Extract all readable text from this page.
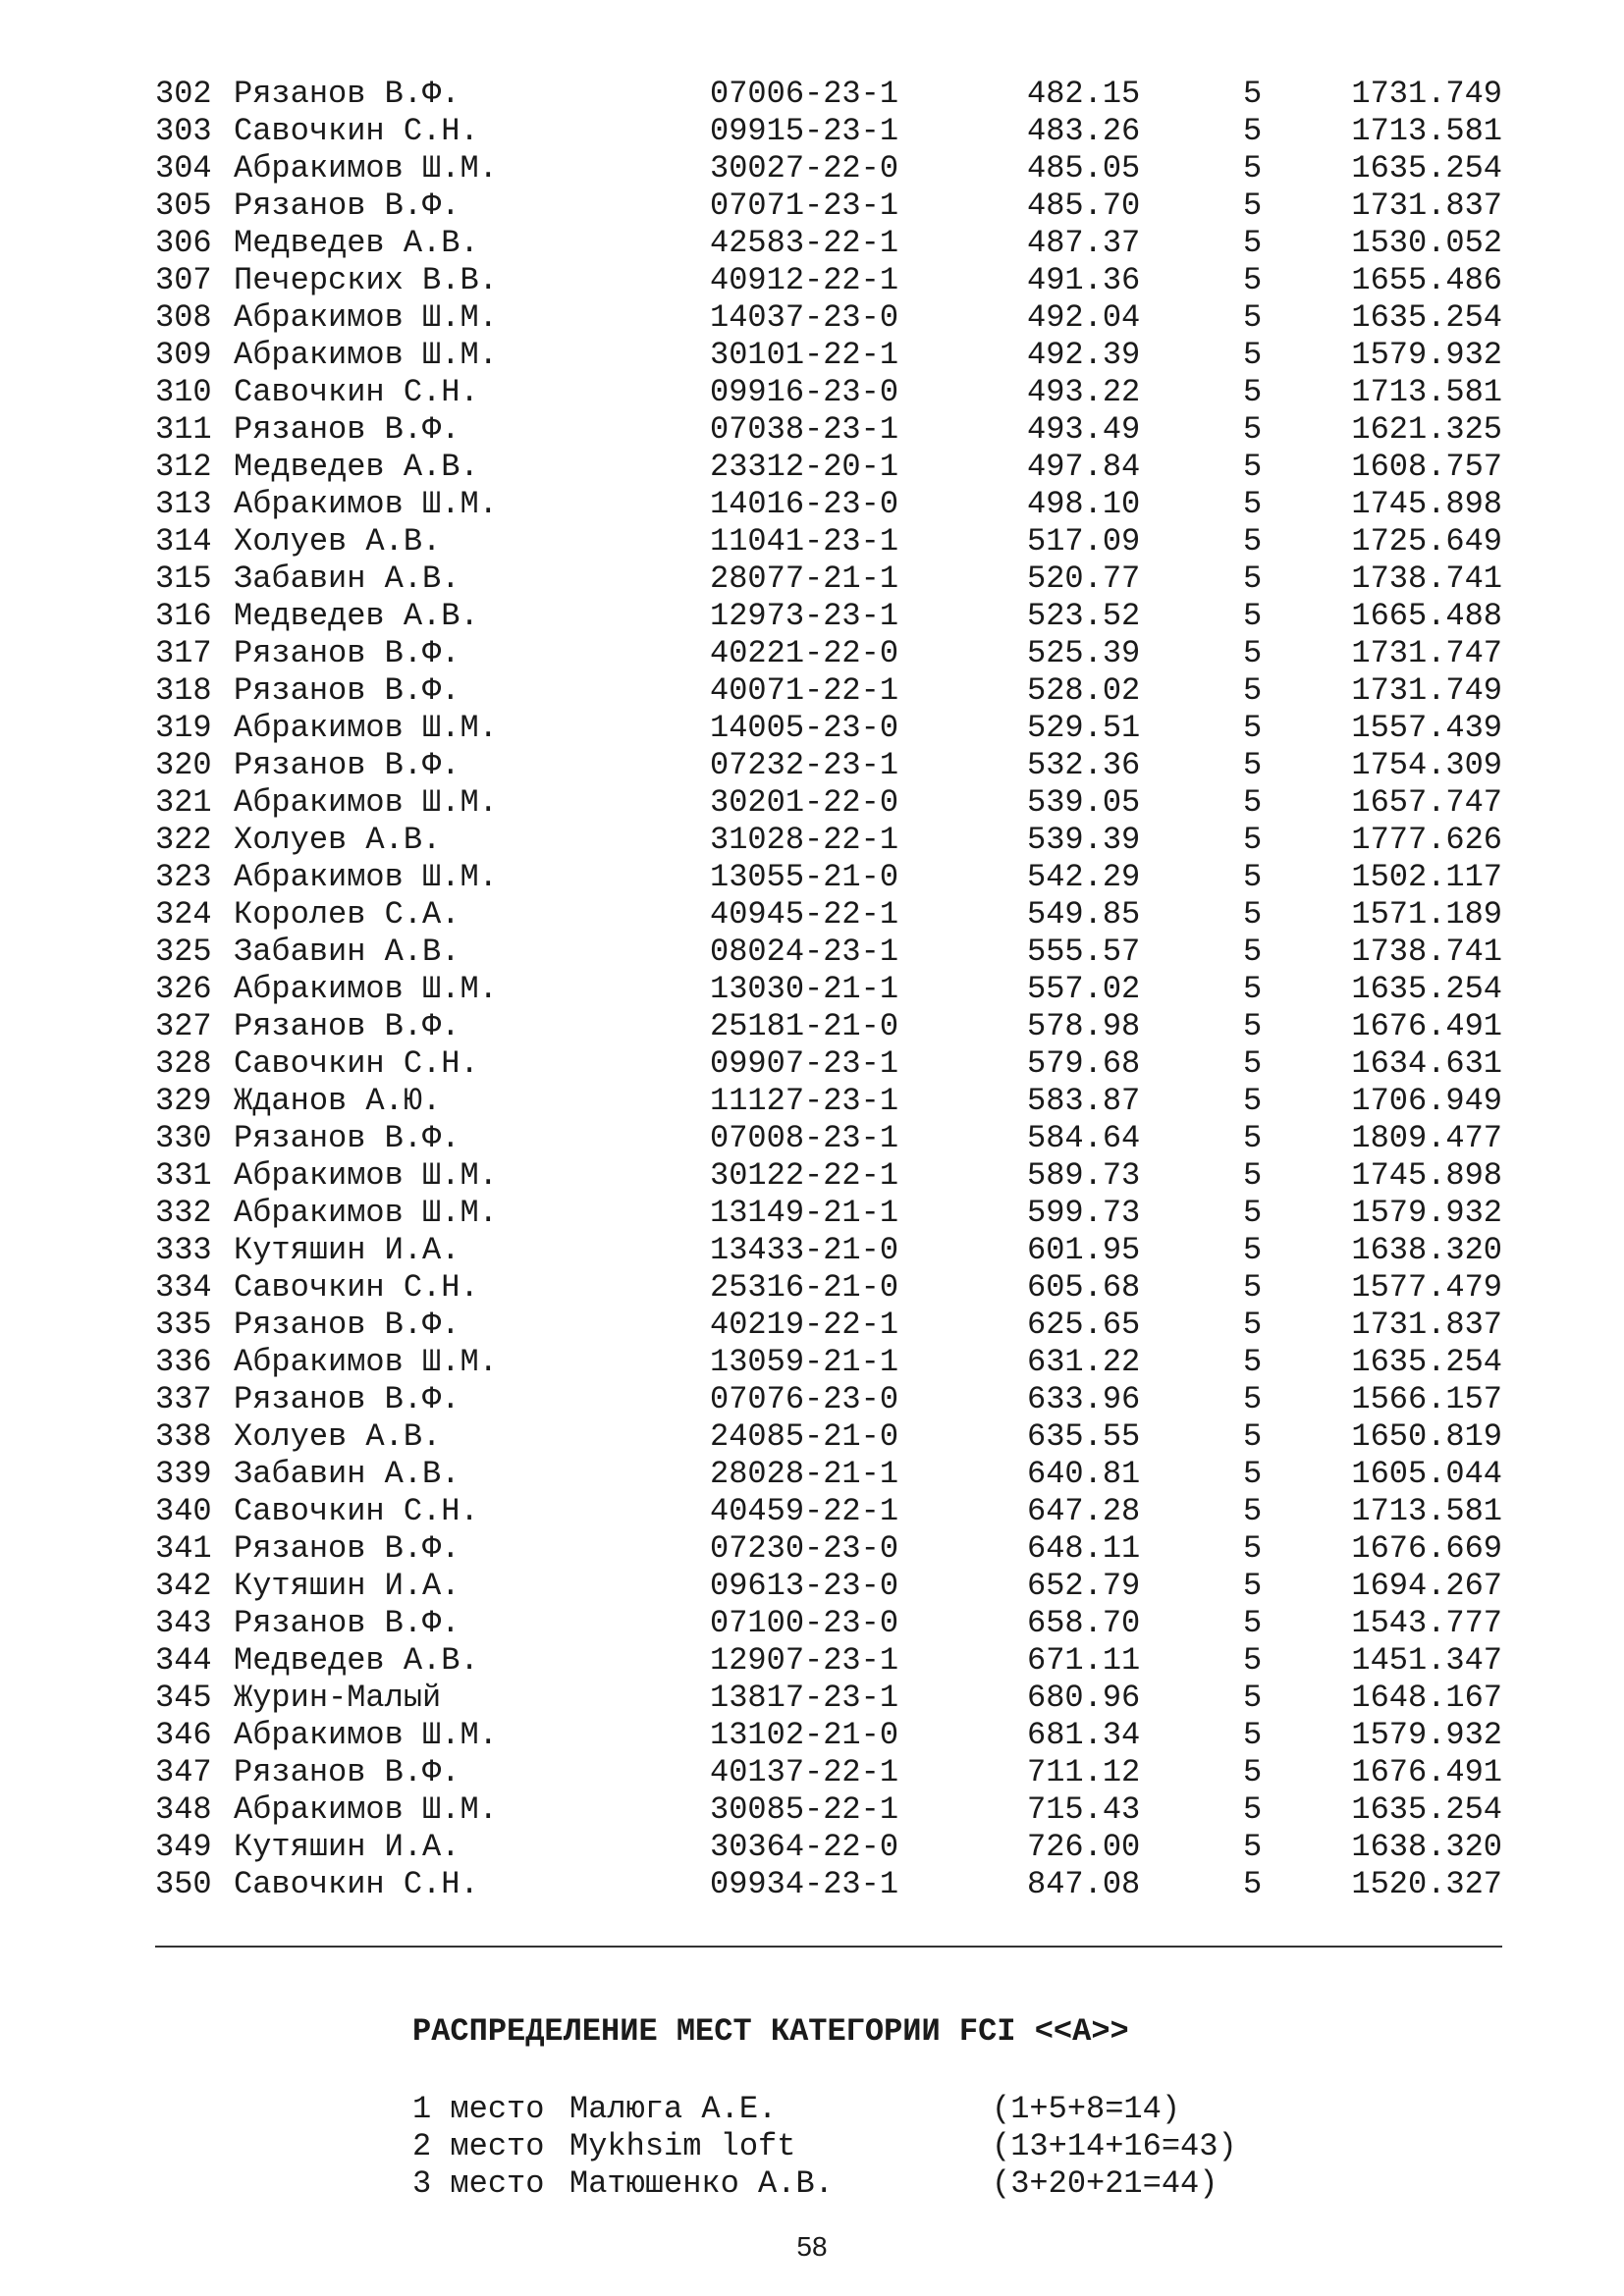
302 Рязанов В.Ф.	07006-23-1	482.15	5	1731.749
303 Савочкин С.Н.	09915-23-1	483.26	5	1713.581
304 Абракимов Ш.М.	30027-22-0	485.05	5	1635.254
305 Рязанов В.Ф.	07071-23-1	485.70	5	1731.837
306 Медведев А.В.	42583-22-1	487.37	5	1530.052
307 Печерских В.В.	40912-22-1	491.36	5	1655.486
308 Абракимов Ш.М.	14037-23-0	492.04	5	1635.254
309 Абракимов Ш.М.	30101-22-1	492.39	5	1579.932
310 Савочкин С.Н.	09916-23-0	493.22	5	1713.581
311 Рязанов В.Ф.	07038-23-1	493.49	5	1621.325
312 Медведев А.В.	23312-20-1	497.84	5	1608.757
313 Абракимов Ш.М.	14016-23-0	498.10	5	1745.898
314 Холуев А.В.	11041-23-1	517.09	5	1725.649
315 Забавин А.В.	28077-21-1	520.77	5	1738.741
316 Медведев А.В.	12973-23-1	523.52	5	1665.488
317 Рязанов В.Ф.	40221-22-0	525.39	5	1731.747
318 Рязанов В.Ф.	40071-22-1	528.02	5	1731.749
319 Абракимов Ш.М.	14005-23-0	529.51	5	1557.439
320 Рязанов В.Ф.	07232-23-1	532.36	5	1754.309
321 Абракимов Ш.М.	30201-22-0	539.05	5	1657.747
322 Холуев А.В.	31028-22-1	539.39	5	1777.626
323 Абракимов Ш.М.	13055-21-0	542.29	5	1502.117
324 Королев С.А.	40945-22-1	549.85	5	1571.189
325 Забавин А.В.	08024-23-1	555.57	5	1738.741
326 Абракимов Ш.М.	13030-21-1	557.02	5	1635.254
327 Рязанов В.Ф.	25181-21-0	578.98	5	1676.491
328 Савочкин С.Н.	09907-23-1	579.68	5	1634.631
329 Жданов А.Ю.	11127-23-1	583.87	5	1706.949
330 Рязанов В.Ф.	07008-23-1	584.64	5	1809.477
331 Абракимов Ш.М.	30122-22-1	589.73	5	1745.898
332 Абракимов Ш.М.	13149-21-1	599.73	5	1579.932
333 Кутяшин И.А.	13433-21-0	601.95	5	1638.320
334 Савочкин С.Н.	25316-21-0	605.68	5	1577.479
335 Рязанов В.Ф.	40219-22-1	625.65	5	1731.837
336 Абракимов Ш.М.	13059-21-1	631.22	5	1635.254
337 Рязанов В.Ф.	07076-23-0	633.96	5	1566.157
338 Холуев А.В.	24085-21-0	635.55	5	1650.819
339 Забавин А.В.	28028-21-1	640.81	5	1605.044
340 Савочкин С.Н.	40459-22-1	647.28	5	1713.581
341 Рязанов В.Ф.	07230-23-0	648.11	5	1676.669
342 Кутяшин И.А.	09613-23-0	652.79	5	1694.267
343 Рязанов В.Ф.	07100-23-0	658.70	5	1543.777
344 Медведев А.В.	12907-23-1	671.11	5	1451.347
345 Журин-Малый	13817-23-1	680.96	5	1648.167
346 Абракимов Ш.М.	13102-21-0	681.34	5	1579.932
347 Рязанов В.Ф.	40137-22-1	711.12	5	1676.491
348 Абракимов Ш.М.	30085-22-1	715.43	5	1635.254
349 Кутяшин И.А.	30364-22-0	726.00	5	1638.320
350 Савочкин С.Н.	09934-23-1	847.08	5	1520.327
РАСПРЕДЕЛЕНИЕ МЕСТ КАТЕГОРИИ FCI <<A>>
1 место Малюга А.Е.	(1+5+8=14)
2 место Mykhsim loft	(13+14+16=43)
3 место Матюшенко А.В.	(3+20+21=44)
58
